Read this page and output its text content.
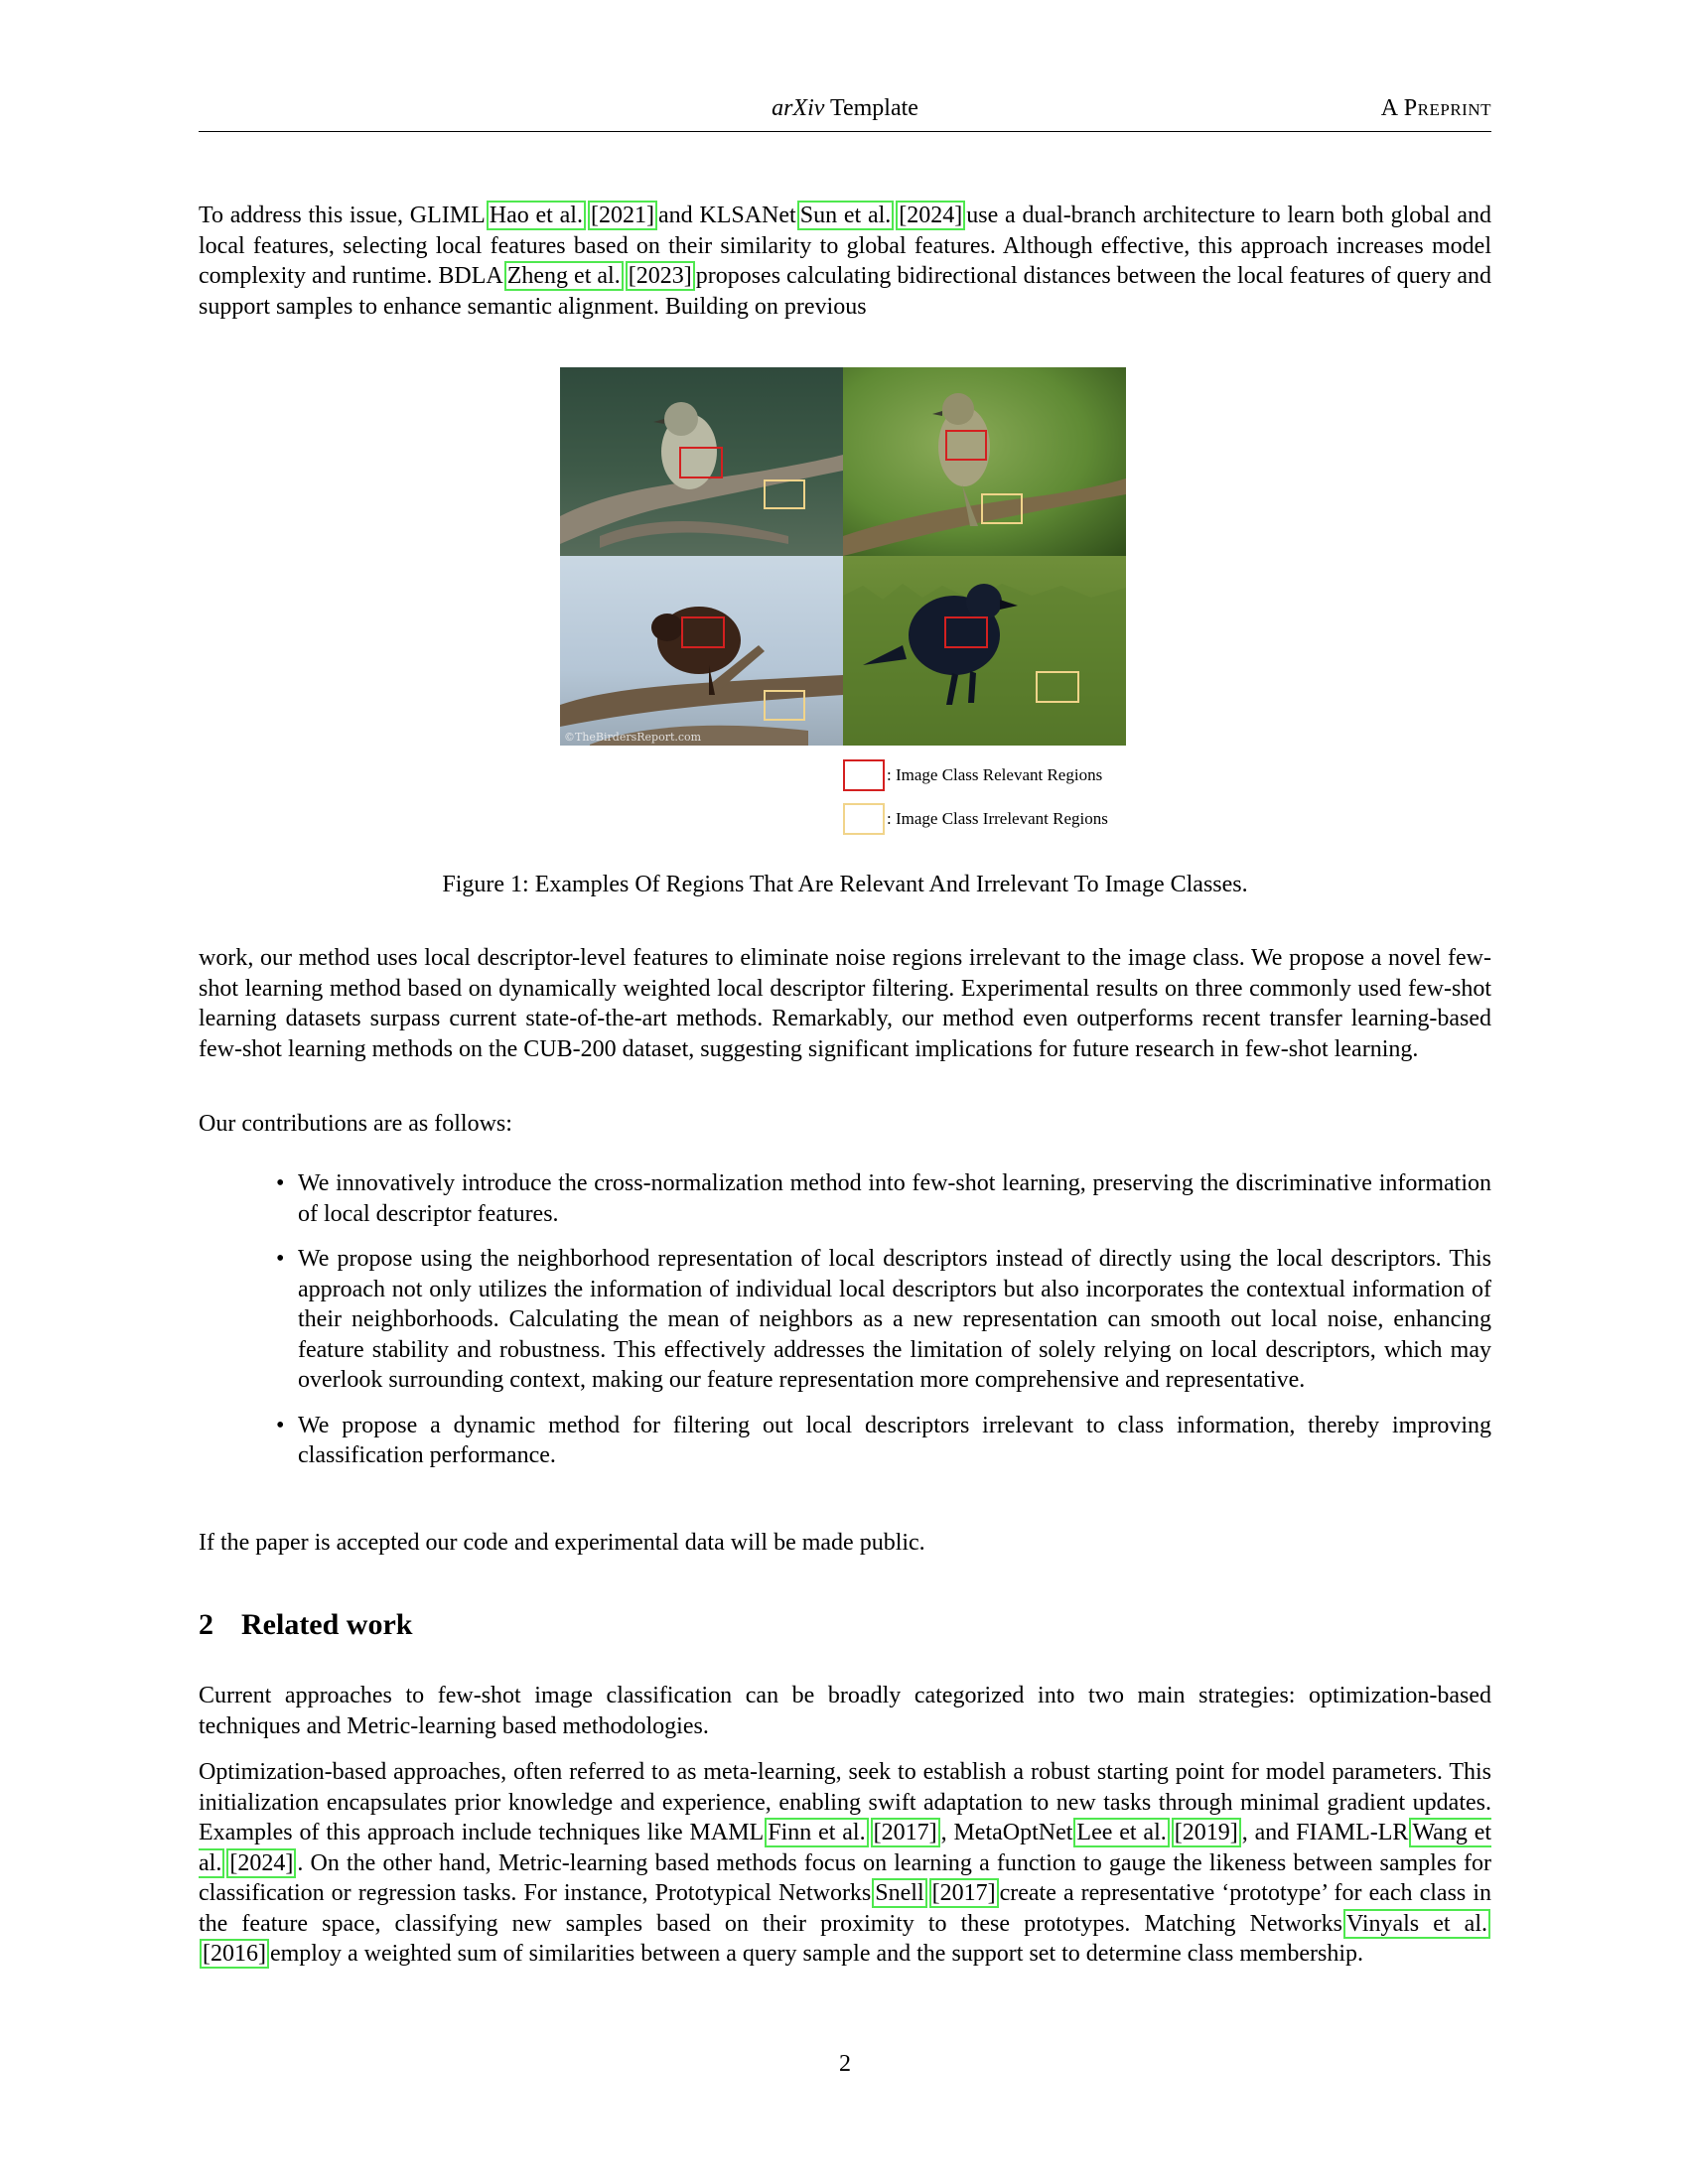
arXiv Template	A Preprint

To address this issue, GLIML Hao et al. [2021] and KLSANet Sun et al. [2024] use a dual-branch architecture to learn both global and local features, selecting local features based on their similarity to global features. Although effective, this approach increases model complexity and runtime. BDLA Zheng et al. [2023] proposes calculating bidirectional distances between the local features of query and support samples to enhance semantic alignment. Building on previous

©TheBirdersReport.com
: Image Class Relevant Regions
: Image Class Irrelevant Regions
Figure 1: Examples Of Regions That Are Relevant And Irrelevant To Image Classes.

work, our method uses local descriptor-level features to eliminate noise regions irrelevant to the image class. We propose a novel few-shot learning method based on dynamically weighted local descriptor filtering. Experimental results on three commonly used few-shot learning datasets surpass current state-of-the-art methods. Remarkably, our method even outperforms recent transfer learning-based few-shot learning methods on the CUB-200 dataset, suggesting significant implications for future research in few-shot learning.

Our contributions are as follows:

• We innovatively introduce the cross-normalization method into few-shot learning, preserving the discriminative information of local descriptor features.
• We propose using the neighborhood representation of local descriptors instead of directly using the local descriptors. This approach not only utilizes the information of individual local descriptors but also incorporates the contextual information of their neighborhoods. Calculating the mean of neighbors as a new representation can smooth out local noise, enhancing feature stability and robustness. This effectively addresses the limitation of solely relying on local descriptors, which may overlook surrounding context, making our feature representation more comprehensive and representative.
• We propose a dynamic method for filtering out local descriptors irrelevant to class information, thereby improving classification performance.

If the paper is accepted our code and experimental data will be made public.

2 Related work

Current approaches to few-shot image classification can be broadly categorized into two main strategies: optimization-based techniques and Metric-learning based methodologies.

Optimization-based approaches, often referred to as meta-learning, seek to establish a robust starting point for model parameters. This initialization encapsulates prior knowledge and experience, enabling swift adaptation to new tasks through minimal gradient updates. Examples of this approach include techniques like MAML Finn et al. [2017] , MetaOptNet Lee et al. [2019] , and FIAML-LR Wang et al. [2024] . On the other hand, Metric-learning based methods focus on learning a function to gauge the likeness between samples for classification or regression tasks. For instance, Prototypical Networks Snell [2017] create a representative ‘prototype’ for each class in the feature space, classifying new samples based on their proximity to these prototypes. Matching Networks Vinyals et al.[2016] employ a weighted sum of similarities between a query sample and the support set to determine class membership.

2
